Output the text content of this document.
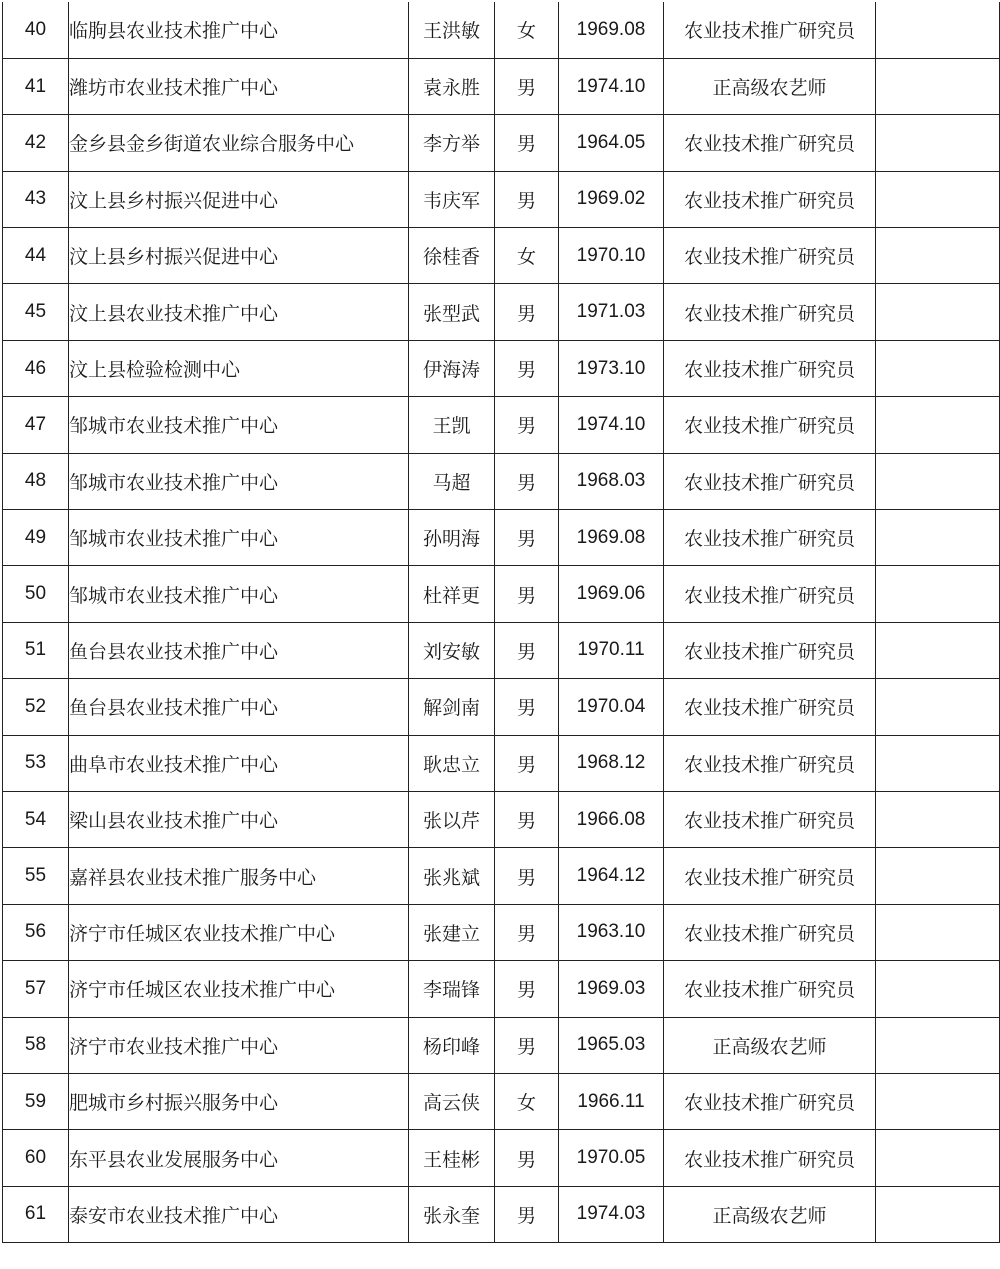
40	临朐县农业技术推广中心	王洪敏	女	1969.08	农业技术推广研究员	
41	潍坊市农业技术推广中心	袁永胜	男	1974.10	正高级农艺师	
42	金乡县金乡街道农业综合服务中心	李方举	男	1964.05	农业技术推广研究员	
43	汶上县乡村振兴促进中心	韦庆军	男	1969.02	农业技术推广研究员	
44	汶上县乡村振兴促进中心	徐桂香	女	1970.10	农业技术推广研究员	
45	汶上县农业技术推广中心	张型武	男	1971.03	农业技术推广研究员	
46	汶上县检验检测中心	伊海涛	男	1973.10	农业技术推广研究员	
47	邹城市农业技术推广中心	王凯	男	1974.10	农业技术推广研究员	
48	邹城市农业技术推广中心	马超	男	1968.03	农业技术推广研究员	
49	邹城市农业技术推广中心	孙明海	男	1969.08	农业技术推广研究员	
50	邹城市农业技术推广中心	杜祥更	男	1969.06	农业技术推广研究员	
51	鱼台县农业技术推广中心	刘安敏	男	1970.11	农业技术推广研究员	
52	鱼台县农业技术推广中心	解剑南	男	1970.04	农业技术推广研究员	
53	曲阜市农业技术推广中心	耿忠立	男	1968.12	农业技术推广研究员	
54	梁山县农业技术推广中心	张以芹	男	1966.08	农业技术推广研究员	
55	嘉祥县农业技术推广服务中心	张兆斌	男	1964.12	农业技术推广研究员	
56	济宁市任城区农业技术推广中心	张建立	男	1963.10	农业技术推广研究员	
57	济宁市任城区农业技术推广中心	李瑞锋	男	1969.03	农业技术推广研究员	
58	济宁市农业技术推广中心	杨印峰	男	1965.03	正高级农艺师	
59	肥城市乡村振兴服务中心	高云侠	女	1966.11	农业技术推广研究员	
60	东平县农业发展服务中心	王桂彬	男	1970.05	农业技术推广研究员	
61	泰安市农业技术推广中心	张永奎	男	1974.03	正高级农艺师	
